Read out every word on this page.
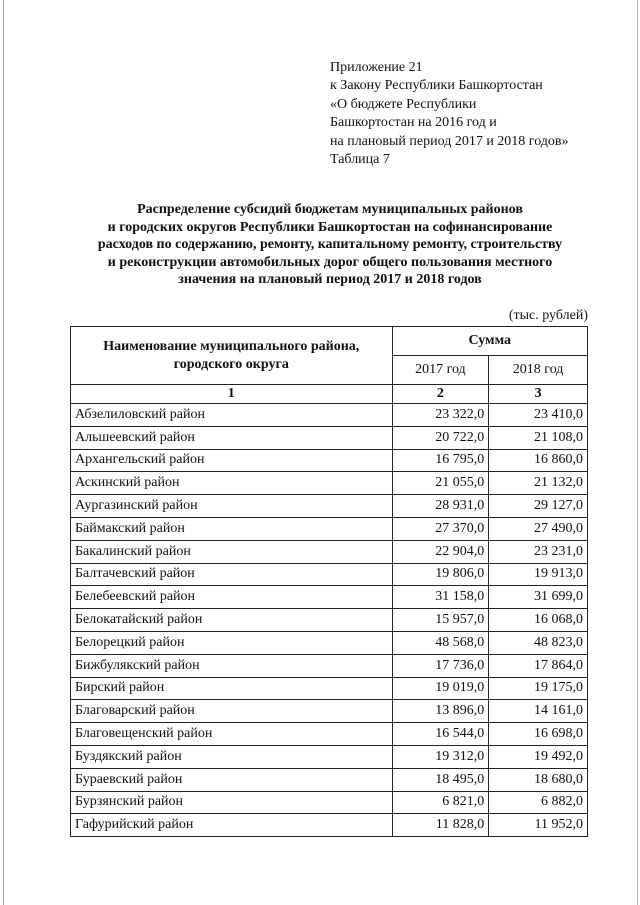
Приложение 21
к Закону Республики Башкортостан
«О бюджете Республики
Башкортостан на 2016 год и
на плановый период 2017 и 2018 годов»
Таблица 7
Распределение субсидий бюджетам муниципальных районов
и городских округов Республики Башкортостан на софинансирование
расходов по содержанию, ремонту, капитальному ремонту, строительству
и реконструкции автомобильных дорог общего пользования местного
значения на плановый период 2017 и 2018 годов
(тыс. рублей)
Наименование муниципального района,
городского округа	Сумма	
	2017 год	2018 год
1	2	3
Абзелиловский район	23 322,0	23 410,0
Альшеевский район	20 722,0	21 108,0
Архангельский район	16 795,0	16 860,0
Аскинский район	21 055,0	21 132,0
Аургазинский район	28 931,0	29 127,0
Баймакский район	27 370,0	27 490,0
Бакалинский район	22 904,0	23 231,0
Балтачевский район	19 806,0	19 913,0
Белебеевский район	31 158,0	31 699,0
Белокатайский район	15 957,0	16 068,0
Белорецкий район	48 568,0	48 823,0
Бижбулякский район	17 736,0	17 864,0
Бирский район	19 019,0	19 175,0
Благоварский район	13 896,0	14 161,0
Благовещенский район	16 544,0	16 698,0
Буздякский район	19 312,0	19 492,0
Бураевский район	18 495,0	18 680,0
Бурзянский район	6 821,0	6 882,0
Гафурийский район	11 828,0	11 952,0
